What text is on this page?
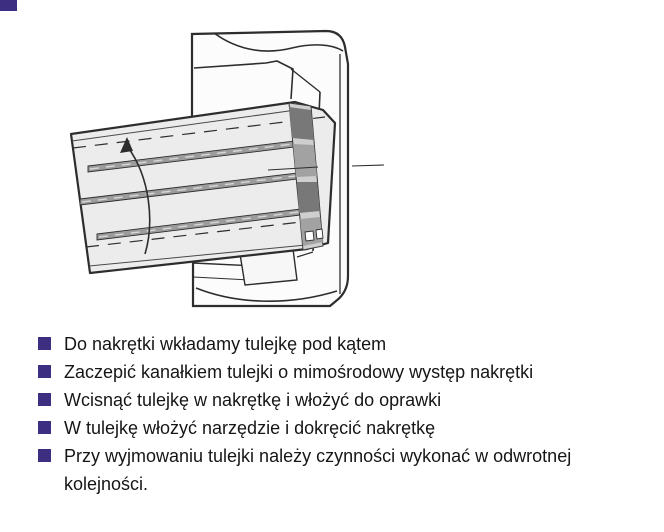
Do nakrętki wkładamy tulejkę pod kątem
Zaczepić kanałkiem tulejki o mimośrodowy występ nakrętki
Wcisnąć tulejkę w nakrętkę i włożyć do oprawki
W tulejkę włożyć narzędzie i dokręcić nakrętkę
Przy wyjmowaniu tulejki należy czynności wykonać w odwrotnej kolejności.
